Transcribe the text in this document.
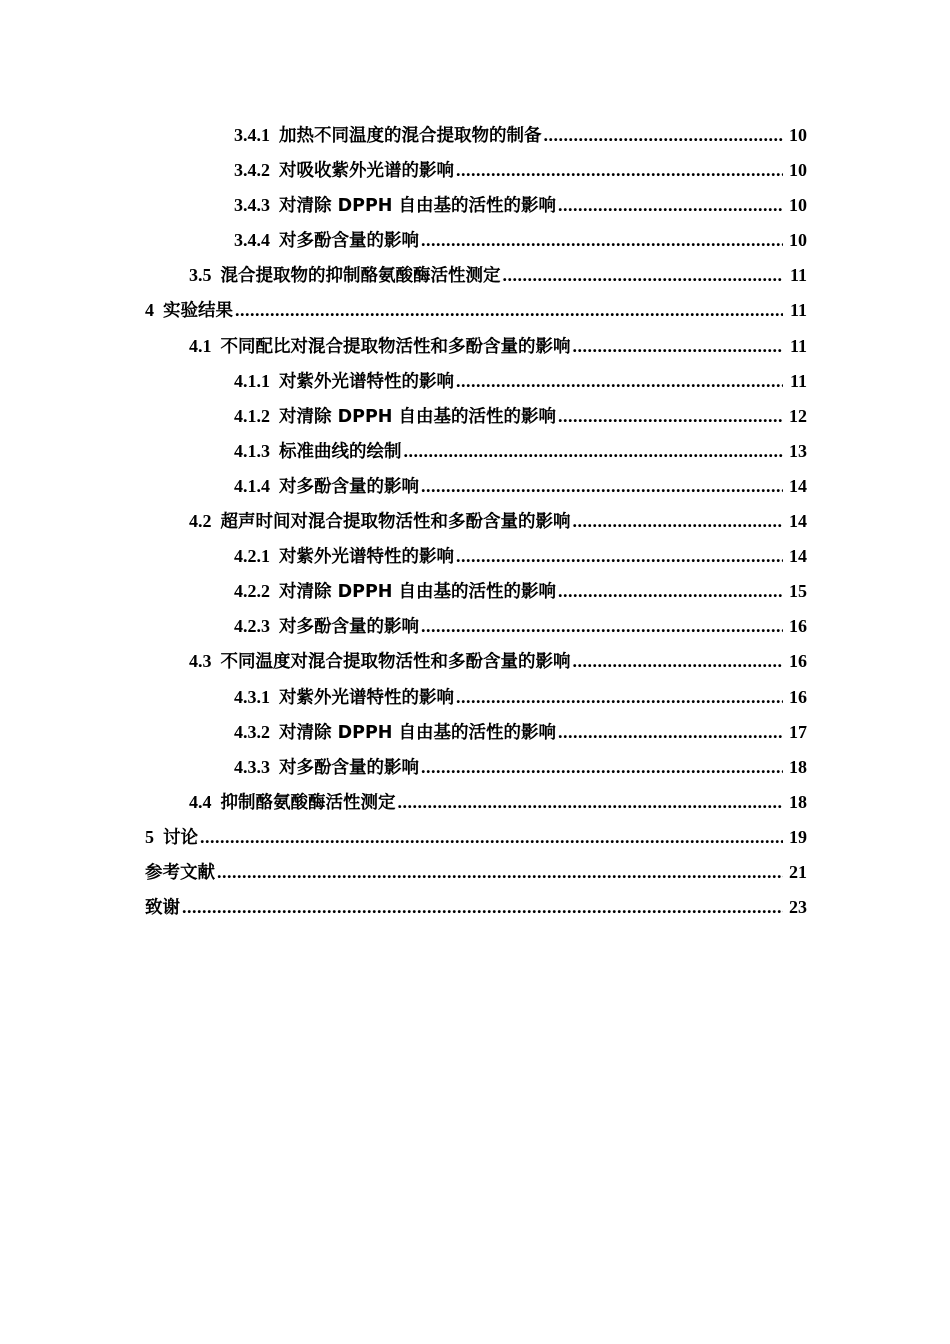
3.4.1 加热不同温度的混合提取物的制备 .....	10
3.4.2 对吸收紫外光谱的影响 .....	10
3.4.3 对清除 DPPH 自由基的活性的影响 .....	10
3.4.4 对多酚含量的影响 .....	10
3.5 混合提取物的抑制酪氨酸酶活性测定 .....	11
4 实验结果 .....	11
4.1 不同配比对混合提取物活性和多酚含量的影响 .....	11
4.1.1 对紫外光谱特性的影响 .....	11
4.1.2 对清除 DPPH 自由基的活性的影响 .....	12
4.1.3 标准曲线的绘制 .....	13
4.1.4 对多酚含量的影响 .....	14
4.2 超声时间对混合提取物活性和多酚含量的影响 .....	14
4.2.1 对紫外光谱特性的影响 .....	14
4.2.2 对清除 DPPH 自由基的活性的影响 .....	15
4.2.3 对多酚含量的影响 .....	16
4.3 不同温度对混合提取物活性和多酚含量的影响 .....	16
4.3.1 对紫外光谱特性的影响 .....	16
4.3.2 对清除 DPPH 自由基的活性的影响 .....	17
4.3.3 对多酚含量的影响 .....	18
4.4 抑制酪氨酸酶活性测定 .....	18
5 讨论 .....	19
参考文献 .....	21
致谢 .....	23
